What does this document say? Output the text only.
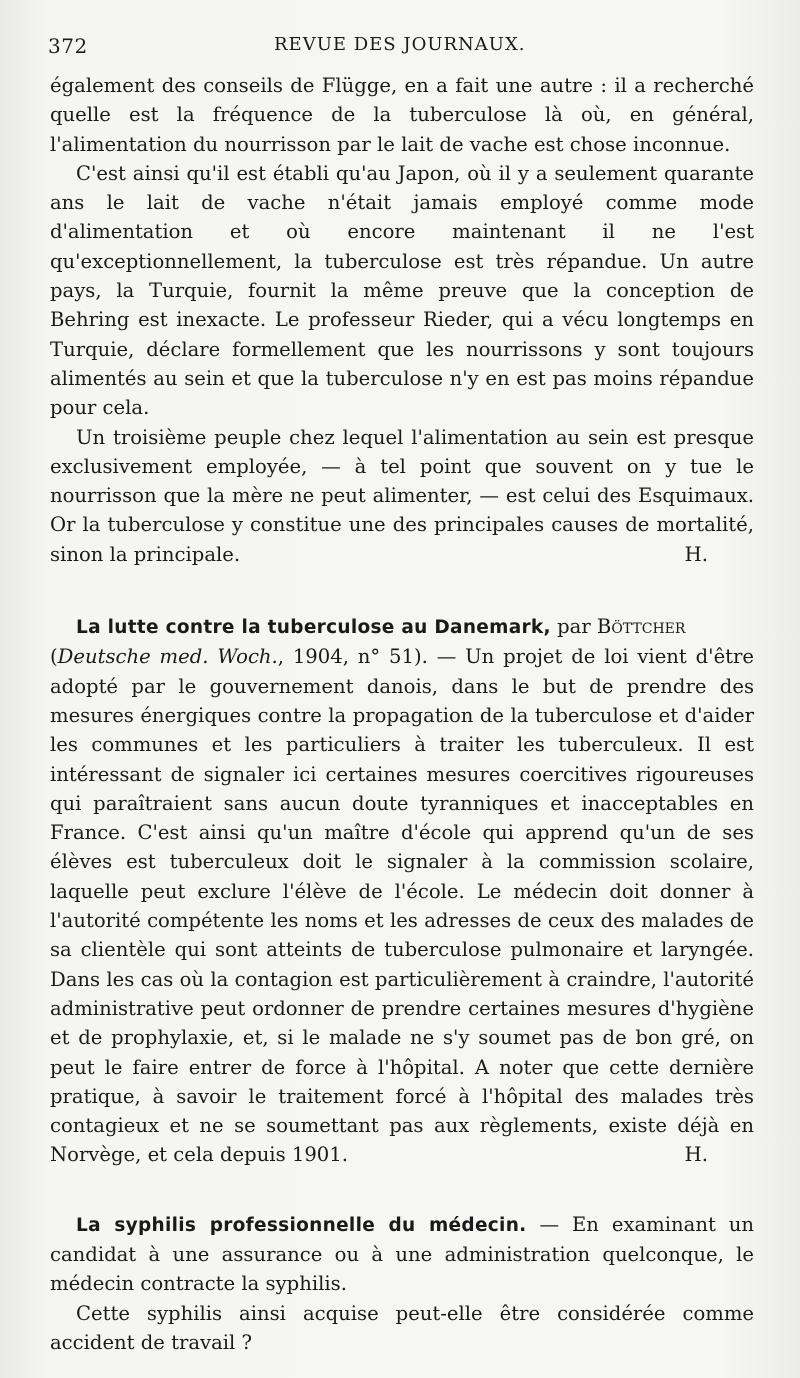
372	REVUE DES JOURNAUX.

également des conseils de Flügge, en a fait une autre : il a recherché quelle est la fréquence de la tuberculose là où, en général, l'alimentation du nourrisson par le lait de vache est chose inconnue.

C'est ainsi qu'il est établi qu'au Japon, où il y a seulement quarante ans le lait de vache n'était jamais employé comme mode d'alimentation et où encore maintenant il ne l'est qu'exceptionnellement, la tuberculose est très répandue. Un autre pays, la Turquie, fournit la même preuve que la conception de Behring est inexacte. Le professeur Rieder, qui a vécu longtemps en Turquie, déclare formellement que les nourrissons y sont toujours alimentés au sein et que la tuberculose n'y en est pas moins répandue pour cela.

Un troisième peuple chez lequel l'alimentation au sein est presque exclusivement employée, — à tel point que souvent on y tue le nourrisson que la mère ne peut alimenter, — est celui des Esquimaux. Or la tuberculose y constitue une des principales causes de mortalité, sinon la principale.	H.

La lutte contre la tuberculose au Danemark, par Böttcher
(Deutsche med. Woch., 1904, n° 51). — Un projet de loi vient d'être adopté par le gouvernement danois, dans le but de prendre des mesures énergiques contre la propagation de la tuberculose et d'aider les communes et les particuliers à traiter les tuberculeux. Il est intéressant de signaler ici certaines mesures coercitives rigoureuses qui paraîtraient sans aucun doute tyranniques et inacceptables en France. C'est ainsi qu'un maître d'école qui apprend qu'un de ses élèves est tuberculeux doit le signaler à la commission scolaire, laquelle peut exclure l'élève de l'école. Le médecin doit donner à l'autorité compétente les noms et les adresses de ceux des malades de sa clientèle qui sont atteints de tuberculose pulmonaire et laryngée. Dans les cas où la contagion est particulièrement à craindre, l'autorité administrative peut ordonner de prendre certaines mesures d'hygiène et de prophylaxie, et, si le malade ne s'y soumet pas de bon gré, on peut le faire entrer de force à l'hôpital. A noter que cette dernière pratique, à savoir le traitement forcé à l'hôpital des malades très contagieux et ne se soumettant pas aux règlements, existe déjà en Norvège, et cela depuis 1901.	H.

La syphilis professionnelle du médecin. — En examinant un candidat à une assurance ou à une administration quelconque, le médecin contracte la syphilis.

Cette syphilis ainsi acquise peut-elle être considérée comme accident de travail ?
